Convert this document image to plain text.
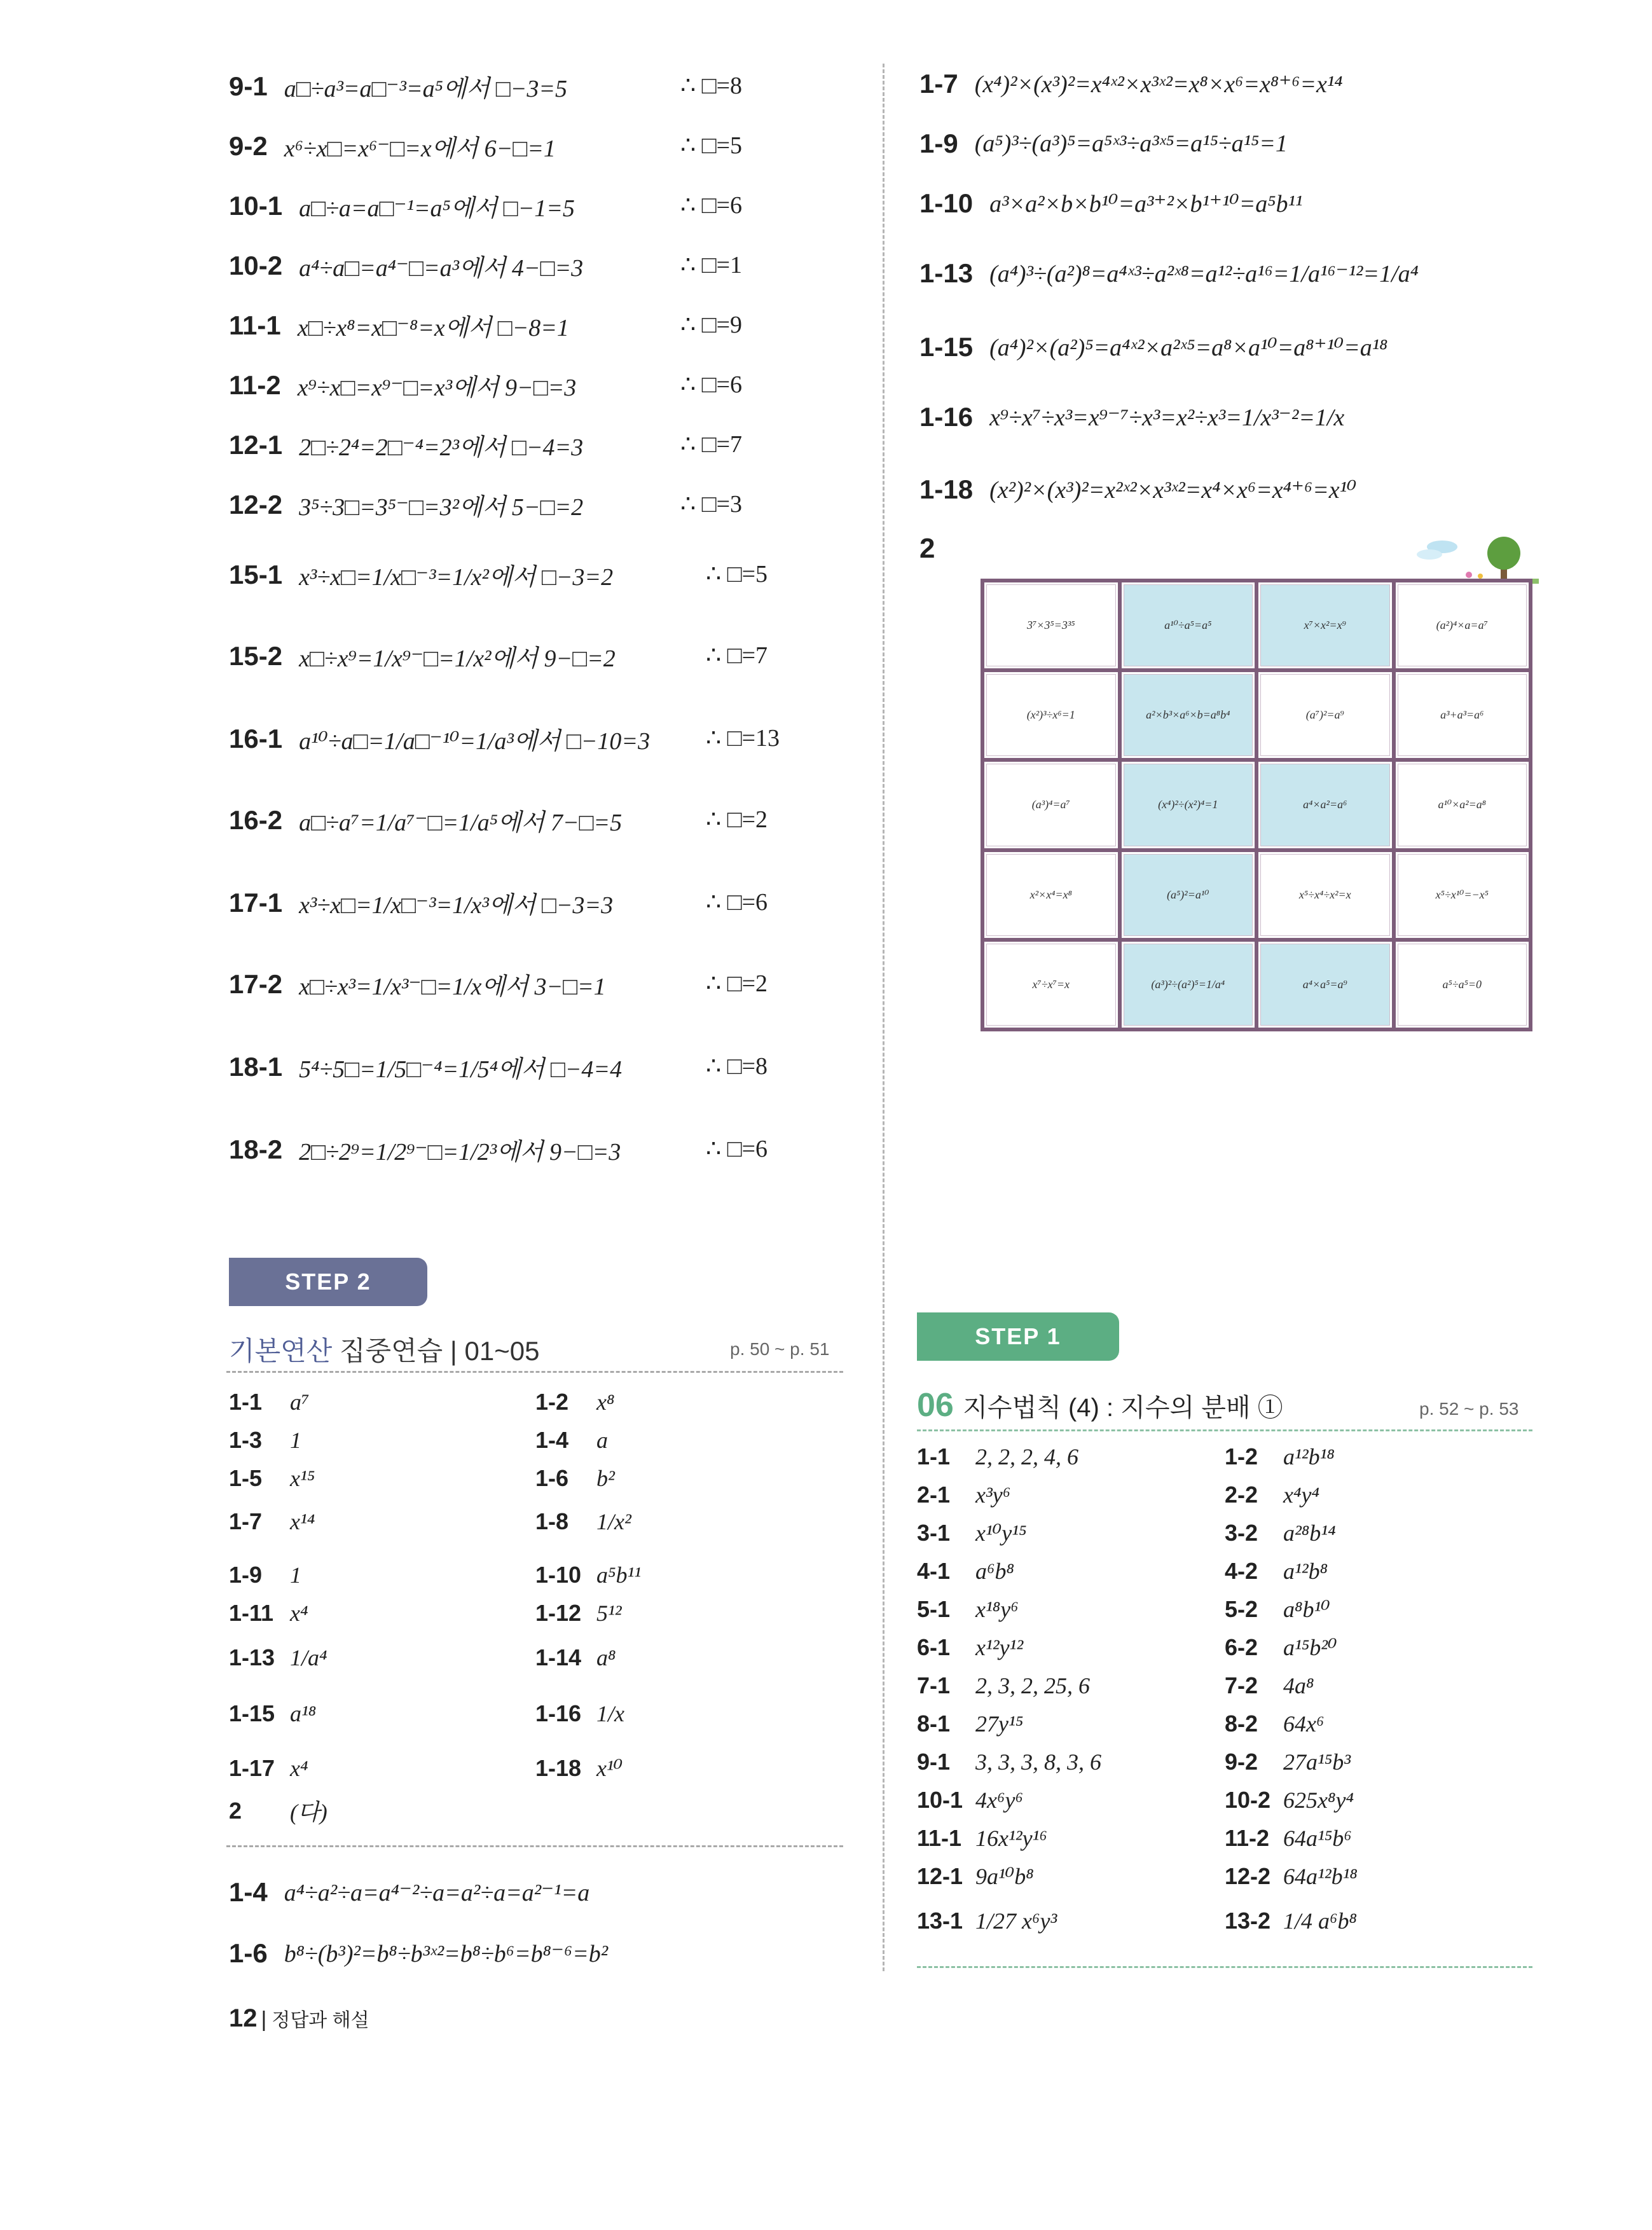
9-1 a□÷a³=a□⁻³=a⁵에서 □−3=5	∴ □=8
9-2 x⁶÷x□=x⁶⁻□=x에서 6−□=1	∴ □=5
10-1 a□÷a=a□⁻¹=a⁵에서 □−1=5	∴ □=6
10-2 a⁴÷a□=a⁴⁻□=a³에서 4−□=3	∴ □=1
11-1 x□÷x⁸=x□⁻⁸=x에서 □−8=1	∴ □=9
11-2 x⁹÷x□=x⁹⁻□=x³에서 9−□=3	∴ □=6
12-1 2□÷2⁴=2□⁻⁴=2³에서 □−4=3	∴ □=7
12-2 3⁵÷3□=3⁵⁻□=3²에서 5−□=2	∴ □=3
15-1 x³÷x□=1/x□⁻³=1/x²에서 □−3=2	∴ □=5
15-2 x□÷x⁹=1/x⁹⁻□=1/x²에서 9−□=2	∴ □=7
16-1 a¹⁰÷a□=1/a□⁻¹⁰=1/a³에서 □−10=3 ∴ □=13
16-2 a□÷a⁷=1/a⁷⁻□=1/a⁵에서 7−□=5	∴ □=2
17-1 x³÷x□=1/x□⁻³=1/x³에서 □−3=3	∴ □=6
17-2 x□÷x³=1/x³⁻□=1/x에서 3−□=1	∴ □=2
18-1 5⁴÷5□=1/5□⁻⁴=1/5⁴에서 □−4=4	∴ □=8
18-2 2□÷2⁹=1/2⁹⁻□=1/2³에서 9−□=3	∴ □=6
1-7 (x⁴)²×(x³)²=x⁴ˣ²×x³ˣ²=x⁸×x⁶=x⁸⁺⁶=x¹⁴
1-9 (a⁵)³÷(a³)⁵=a⁵ˣ³÷a³ˣ⁵=a¹⁵÷a¹⁵=1
1-10 a³×a²×b×b¹⁰=a³⁺²×b¹⁺¹⁰=a⁵b¹¹
1-13 (a⁴)³÷(a²)⁸=a⁴ˣ³÷a²ˣ⁸=a¹²÷a¹⁶=1/a¹⁶⁻¹²=1/a⁴
1-15 (a⁴)²×(a²)⁵=a⁴ˣ²×a²ˣ⁵=a⁸×a¹⁰=a⁸⁺¹⁰=a¹⁸
1-16 x⁹÷x⁷÷x³=x⁹⁻⁷÷x³=x²÷x³=1/x³⁻²=1/x
1-18 (x²)²×(x³)²=x²ˣ²×x³ˣ²=x⁴×x⁶=x⁴⁺⁶=x¹⁰
2
3⁷×3⁵=3³⁵	a¹⁰÷a⁵=a⁵	x⁷×x²=x⁹	(a²)⁴×a=a⁷
(x²)³÷x⁶=1	a²×b³×a⁶×b=a⁸b⁴	(a⁷)²=a⁹	a³+a³=a⁶
(a³)⁴=a⁷	(x⁴)²÷(x²)⁴=1	a⁴×a²=a⁶	a¹⁰×a²=a⁸
x²×x⁴=x⁸	(a⁵)²=a¹⁰	x⁵÷x⁴÷x²=x	x⁵÷x¹⁰=−x⁵
x⁷÷x⁷=x	(a³)²÷(a²)⁵=1/a⁴	a⁴×a⁵=a⁹	a⁵÷a⁵=0
STEP 2
기본연산 집중연습 | 01~05	p. 50 ~ p. 51
1-1	a⁷	1-2	x⁸
1-3	1	1-4	a
1-5	x¹⁵	1-6	b²
1-7	x¹⁴	1-8	1/x²
1-9	1	1-10 a⁵b¹¹
1-11 x⁴	1-12 5¹²
1-13 1/a⁴	1-14 a⁸
1-15 a¹⁸	1-16 1/x
1-17 x⁴	1-18 x¹⁰
2	(다)
1-4 a⁴÷a²÷a=a⁴⁻²÷a=a²÷a=a²⁻¹=a
1-6 b⁸÷(b³)²=b⁸÷b³ˣ²=b⁸÷b⁶=b⁸⁻⁶=b²
STEP 1
06 지수법칙 (4) : 지수의 분배 ①	p. 52 ~ p. 53
1-1	2, 2, 2, 4, 6	1-2	a¹²b¹⁸
2-1	x³y⁶	2-2	x⁴y⁴
3-1	x¹⁰y¹⁵	3-2	a²⁸b¹⁴
4-1	a⁶b⁸	4-2	a¹²b⁸
5-1	x¹⁸y⁶	5-2	a⁸b¹⁰
6-1	x¹²y¹²	6-2	a¹⁵b²⁰
7-1	2, 3, 2, 25, 6	7-2	4a⁸
8-1	27y¹⁵	8-2	64x⁶
9-1	3, 3, 3, 8, 3, 6	9-2	27a¹⁵b³
10-1 4x⁶y⁶	10-2 625x⁸y⁴
11-1 16x¹²y¹⁶	11-2 64a¹⁵b⁶
12-1 9a¹⁰b⁸	12-2 64a¹²b¹⁸
13-1 1/27 x⁶y³	13-2 1/4 a⁶b⁸
12 | 정답과 해설
